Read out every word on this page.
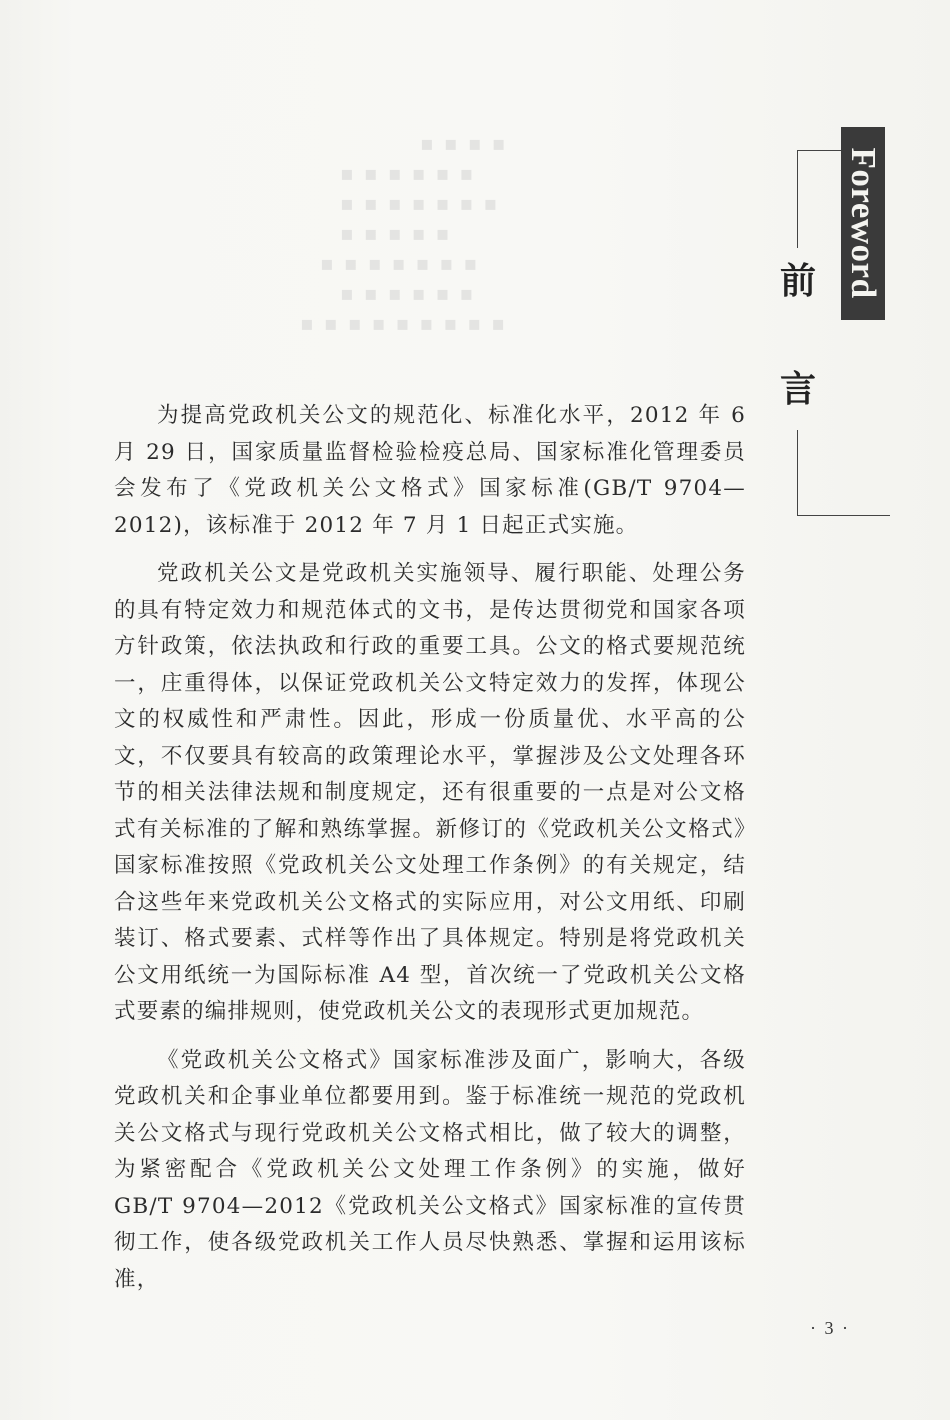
▪ ▪ ▪ ▪
▪ ▪ ▪ ▪ ▪ ▪
▪ ▪ ▪ ▪ ▪ ▪ ▪
▪ ▪ ▪ ▪ ▪
▪ ▪ ▪ ▪ ▪ ▪ ▪
▪ ▪ ▪ ▪ ▪ ▪
▪ ▪ ▪ ▪ ▪ ▪ ▪ ▪ ▪
Foreword
前
言

为提高党政机关公文的规范化、标准化水平，2012 年 6 月 29 日，国家质量监督检验检疫总局、国家标准化管理委员会发布了《党政机关公文格式》国家标准(GB/T 9704—2012)，该标准于 2012 年 7 月 1 日起正式实施。

党政机关公文是党政机关实施领导、履行职能、处理公务的具有特定效力和规范体式的文书，是传达贯彻党和国家各项方针政策，依法执政和行政的重要工具。公文的格式要规范统一，庄重得体，以保证党政机关公文特定效力的发挥，体现公文的权威性和严肃性。因此，形成一份质量优、水平高的公文，不仅要具有较高的政策理论水平，掌握涉及公文处理各环节的相关法律法规和制度规定，还有很重要的一点是对公文格式有关标准的了解和熟练掌握。新修订的《党政机关公文格式》国家标准按照《党政机关公文处理工作条例》的有关规定，结合这些年来党政机关公文格式的实际应用，对公文用纸、印刷装订、格式要素、式样等作出了具体规定。特别是将党政机关公文用纸统一为国际标准 A4 型，首次统一了党政机关公文格式要素的编排规则，使党政机关公文的表现形式更加规范。

《党政机关公文格式》国家标准涉及面广，影响大，各级党政机关和企事业单位都要用到。鉴于标准统一规范的党政机关公文格式与现行党政机关公文格式相比，做了较大的调整，为紧密配合《党政机关公文处理工作条例》的实施，做好 GB/T 9704—2012《党政机关公文格式》国家标准的宣传贯彻工作，使各级党政机关工作人员尽快熟悉、掌握和运用该标准，

· 3 ·
